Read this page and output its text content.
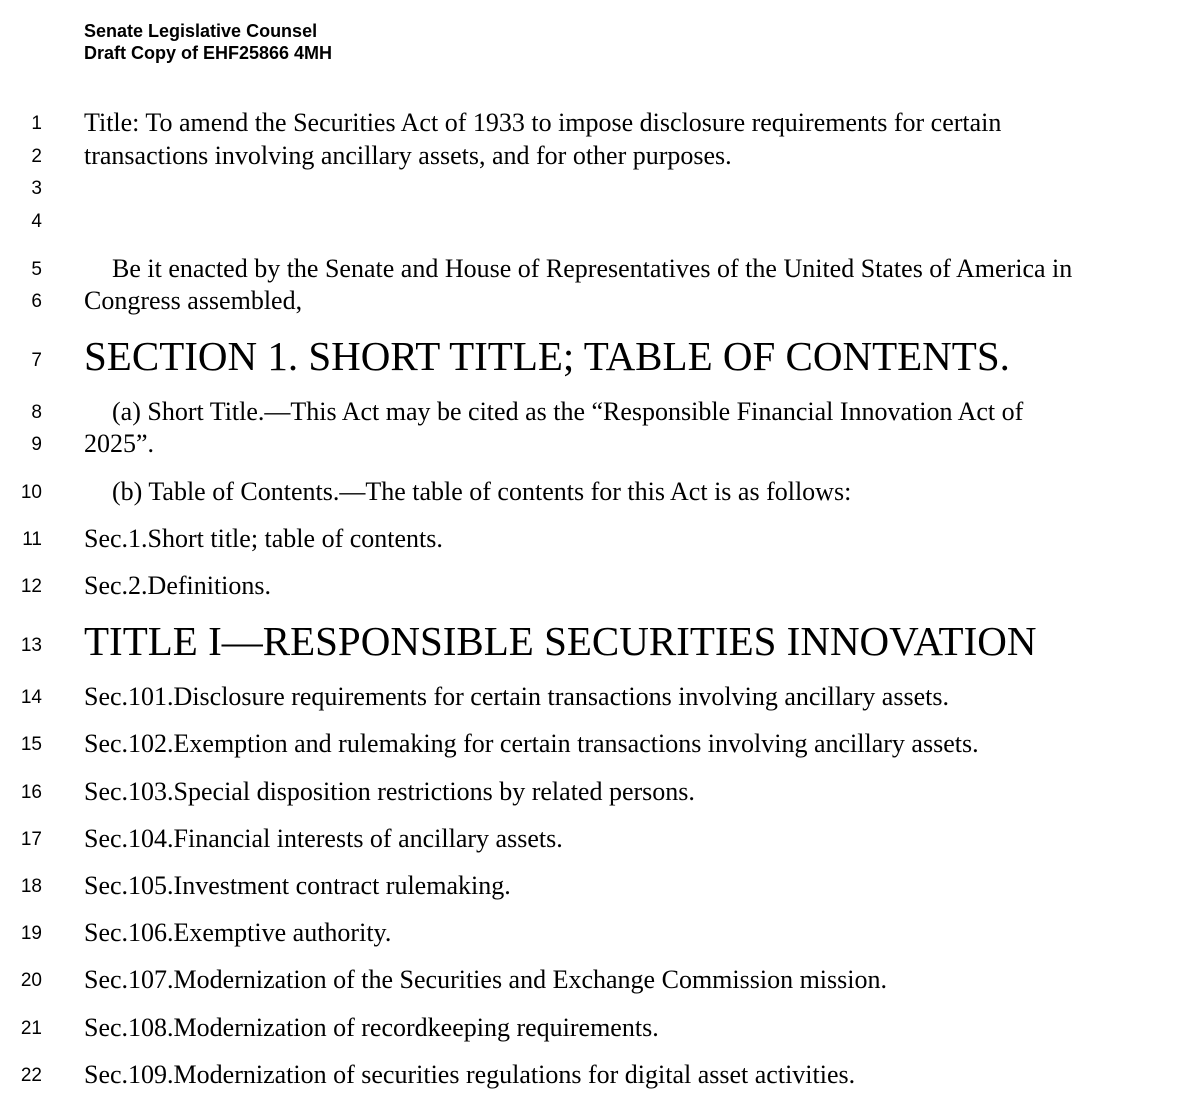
Senate Legislative Counsel
Draft Copy of EHF25866 4MH
1
2
3
4
5
6
7
8
9
10
11
12
13
14
15
16
17
18
19
20
21
22
Title: To amend the Securities Act of 1933 to impose disclosure requirements for certain
transactions involving ancillary assets, and for other purposes.
Be it enacted by the Senate and House of Representatives of the United States of America in
Congress assembled,
SECTION 1. SHORT TITLE; TABLE OF CONTENTS.
(a) Short Title.—This Act may be cited as the “Responsible Financial Innovation Act of
2025”.
(b) Table of Contents.—The table of contents for this Act is as follows:
Sec.1.Short title; table of contents.
Sec.2.Definitions.
TITLE I—RESPONSIBLE SECURITIES INNOVATION
Sec.101.Disclosure requirements for certain transactions involving ancillary assets.
Sec.102.Exemption and rulemaking for certain transactions involving ancillary assets.
Sec.103.Special disposition restrictions by related persons.
Sec.104.Financial interests of ancillary assets.
Sec.105.Investment contract rulemaking.
Sec.106.Exemptive authority.
Sec.107.Modernization of the Securities and Exchange Commission mission.
Sec.108.Modernization of recordkeeping requirements.
Sec.109.Modernization of securities regulations for digital asset activities.
